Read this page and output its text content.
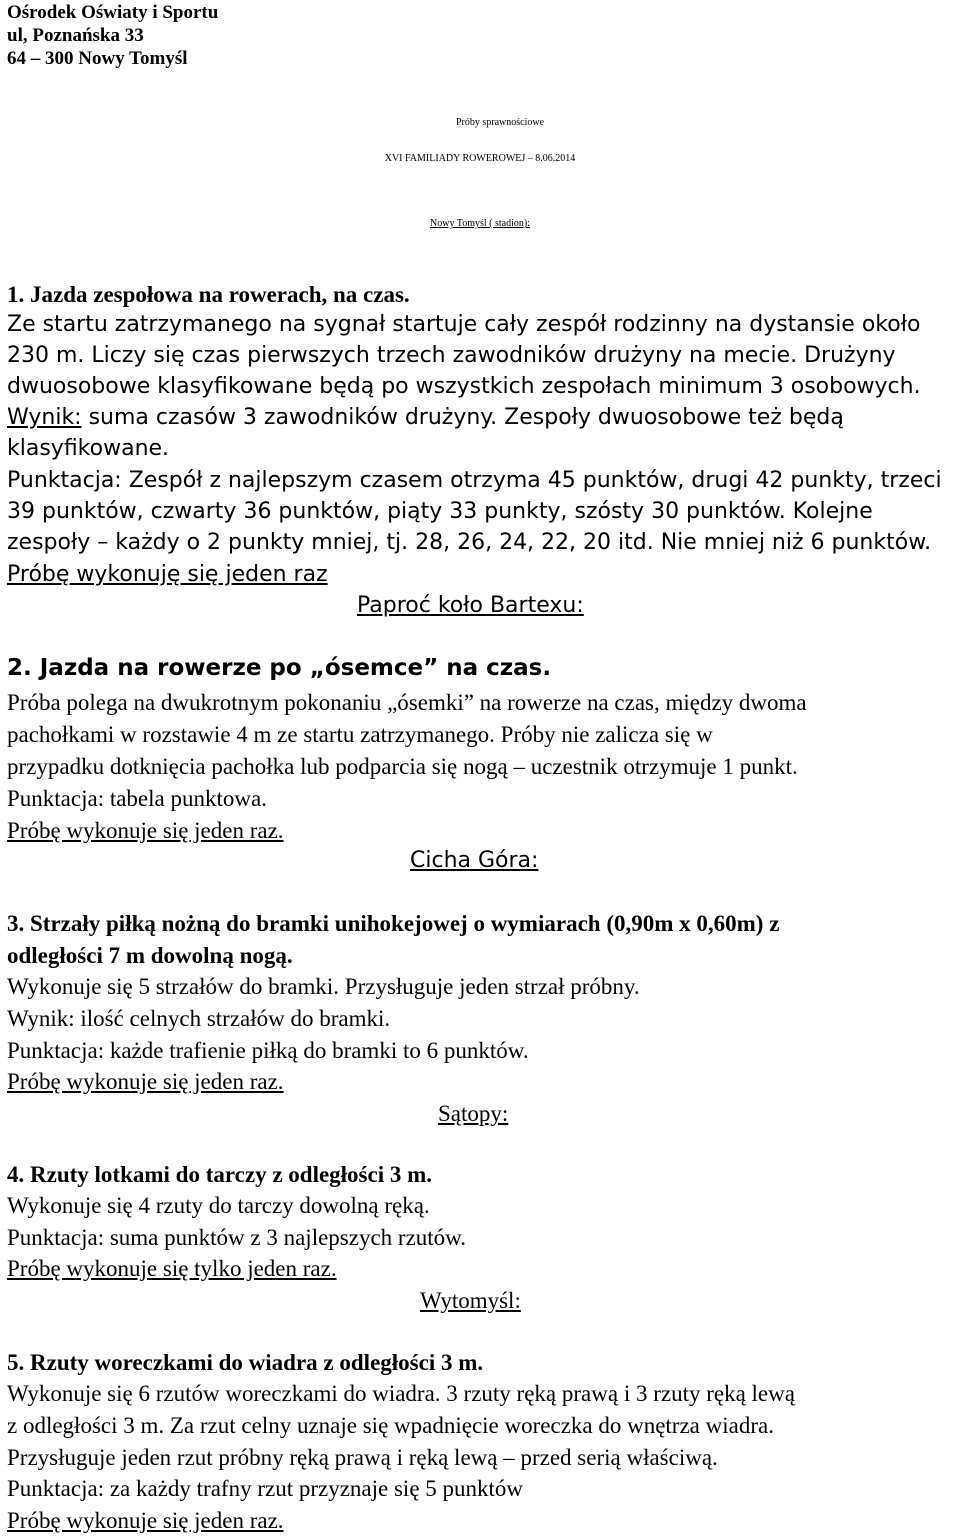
Ośrodek Oświaty i Sportu
ul, Poznańska 33
64 – 300 Nowy Tomyśl
Próby sprawnościowe
XVI FAMILIADY ROWEROWEJ – 8.06.2014
Nowy Tomyśl ( stadion):
1. Jazda zespołowa na rowerach, na czas.
Ze startu zatrzymanego na sygnał startuje cały zespół rodzinny na dystansie około
230 m. Liczy się czas pierwszych trzech zawodników drużyny na mecie. Drużyny
dwuosobowe klasyfikowane będą po wszystkich zespołach minimum 3 osobowych.
Wynik: suma czasów 3 zawodników drużyny. Zespoły dwuosobowe też będą
klasyfikowane.
Punktacja: Zespół z najlepszym czasem otrzyma 45 punktów, drugi 42 punkty, trzeci
39 punktów, czwarty 36 punktów, piąty 33 punkty, szósty 30 punktów. Kolejne
zespoły – każdy o 2 punkty mniej, tj. 28, 26, 24, 22, 20 itd. Nie mniej niż 6 punktów.
Próbę wykonuję się jeden raz
Paproć koło Bartexu:
2. Jazda na rowerze po „ósemce” na czas.
Próba polega na dwukrotnym pokonaniu „ósemki” na rowerze na czas, między dwoma
pachołkami w rozstawie 4 m ze startu zatrzymanego. Próby nie zalicza się w
przypadku dotknięcia pachołka lub podparcia się nogą – uczestnik otrzymuje 1 punkt.
Punktacja: tabela punktowa.
Próbę wykonuje się jeden raz.
Cicha Góra:
3. Strzały piłką nożną do bramki unihokejowej o wymiarach (0,90m x 0,60m) z
odległości 7 m dowolną nogą.
Wykonuje się 5 strzałów do bramki. Przysługuje jeden strzał próbny.
Wynik: ilość celnych strzałów do bramki.
Punktacja: każde trafienie piłką do bramki to 6 punktów.
Próbę wykonuje się jeden raz.
Sątopy:
4. Rzuty lotkami do tarczy z odległości 3 m.
Wykonuje się 4 rzuty do tarczy dowolną ręką.
Punktacja: suma punktów z 3 najlepszych rzutów.
Próbę wykonuje się tylko jeden raz.
Wytomyśl:
5. Rzuty woreczkami do wiadra z odległości 3 m.
Wykonuje się 6 rzutów woreczkami do wiadra. 3 rzuty ręką prawą i 3 rzuty ręką lewą
z odległości 3 m. Za rzut celny uznaje się wpadnięcie woreczka do wnętrza wiadra.
Przysługuje jeden rzut próbny ręką prawą i ręką lewą – przed serią właściwą.
Punktacja: za każdy trafny rzut przyznaje się 5 punktów
Próbę wykonuje się jeden raz.
